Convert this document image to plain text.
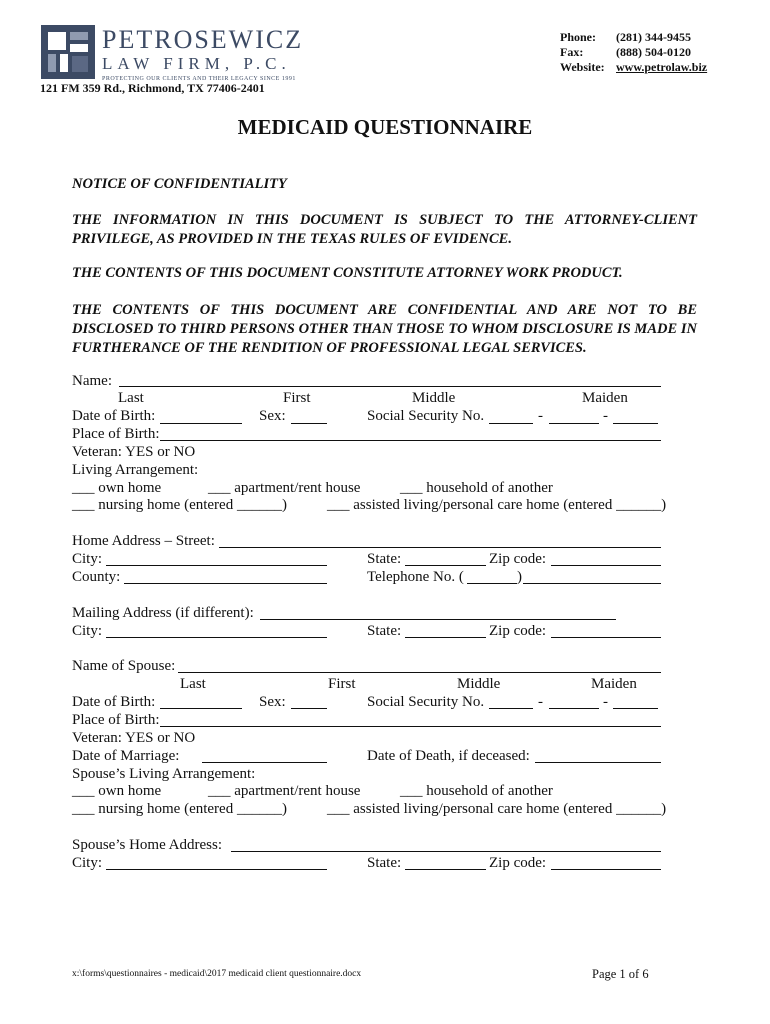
PETROSEWICZ
LAW FIRM, P.C.
PROTECTING OUR CLIENTS AND THEIR LEGACY SINCE 1991
121 FM 359 Rd., Richmond, TX 77406-2401
Phone: (281) 344-9455
Fax:	(888) 504-0120
Website: www.petrolaw.biz
MEDICAID QUESTIONNAIRE
NOTICE OF CONFIDENTIALITY
THE INFORMATION IN THIS DOCUMENT IS SUBJECT TO THE ATTORNEY-CLIENT PRIVILEGE, AS PROVIDED IN THE TEXAS RULES OF EVIDENCE.
THE CONTENTS OF THIS DOCUMENT CONSTITUTE ATTORNEY WORK PRODUCT.
THE CONTENTS OF THIS DOCUMENT ARE CONFIDENTIAL AND ARE NOT TO BE DISCLOSED TO THIRD PERSONS OTHER THAN THOSE TO WHOM DISCLOSURE IS MADE IN FURTHERANCE OF THE RENDITION OF PROFESSIONAL LEGAL SERVICES.
Name:
Last	First	Middle	Maiden
Date of Birth:	Sex:	Social Security No.	-	-
Place of Birth:
Veteran: YES or NO
Living Arrangement:
___ own home	___ apartment/rent house	___ household of another
___ nursing home (entered ______)	___ assisted living/personal care home (entered ______)
Home Address – Street:
City:	State:	Zip code:
County:	Telephone No. (	)
Mailing Address (if different):
City:	State:	Zip code:
Name of Spouse:
Last	First	Middle	Maiden
Date of Birth:	Sex:	Social Security No.	-	-
Place of Birth:
Veteran: YES or NO
Date of Marriage:	Date of Death, if deceased:
Spouse’s Living Arrangement:
___ own home	___ apartment/rent house	___ household of another
___ nursing home (entered ______)	___ assisted living/personal care home (entered ______)
Spouse’s Home Address:
City:	State:	Zip code:
x:\forms\questionnaires - medicaid\2017 medicaid client questionnaire.docx	Page 1 of 6
